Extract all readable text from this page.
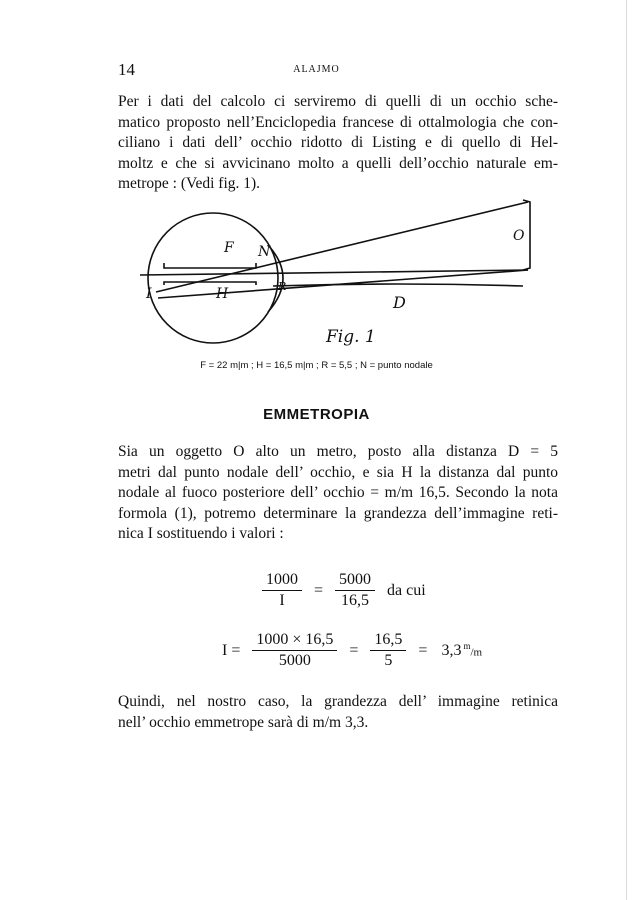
14	ALAJMO
Per i dati del calcolo ci serviremo di quelli di un occhio sche-
matico proposto nell’Enciclopedia francese di ottalmologia che con-
ciliano i dati dell’ occhio ridotto di Listing e di quello di Hel-
moltz e che si avvicinano molto a quelli dell’occhio naturale em-
metrope : (Vedi fig. 1).
F N
H
I	R
O
D
Fig. 1
F = 22 m|m ; H = 16,5 m|m ; R = 5,5 ; N = punto nodale
EMMETROPIA
Sia un oggetto O alto un metro, posto alla distanza D = 5
metri dal punto nodale dell’ occhio, e sia H la distanza dal punto
nodale al fuoco posteriore dell’ occhio = m/m 16,5. Secondo la nota
formola (1), potremo determinare la grandezza dell’immagine reti-
nica I sostituendo i valori :
$\frac{1000}{I} = \frac{5000}{16,5}$ da cui
$I = \frac{1000 \times 16,5}{5000} = \frac{16,5}{5} = 3,3$ $^m$/m
Quindi, nel nostro caso, la grandezza dell’ immagine retinica
nell’ occhio emmetrope sarà di m/m 3,3.
